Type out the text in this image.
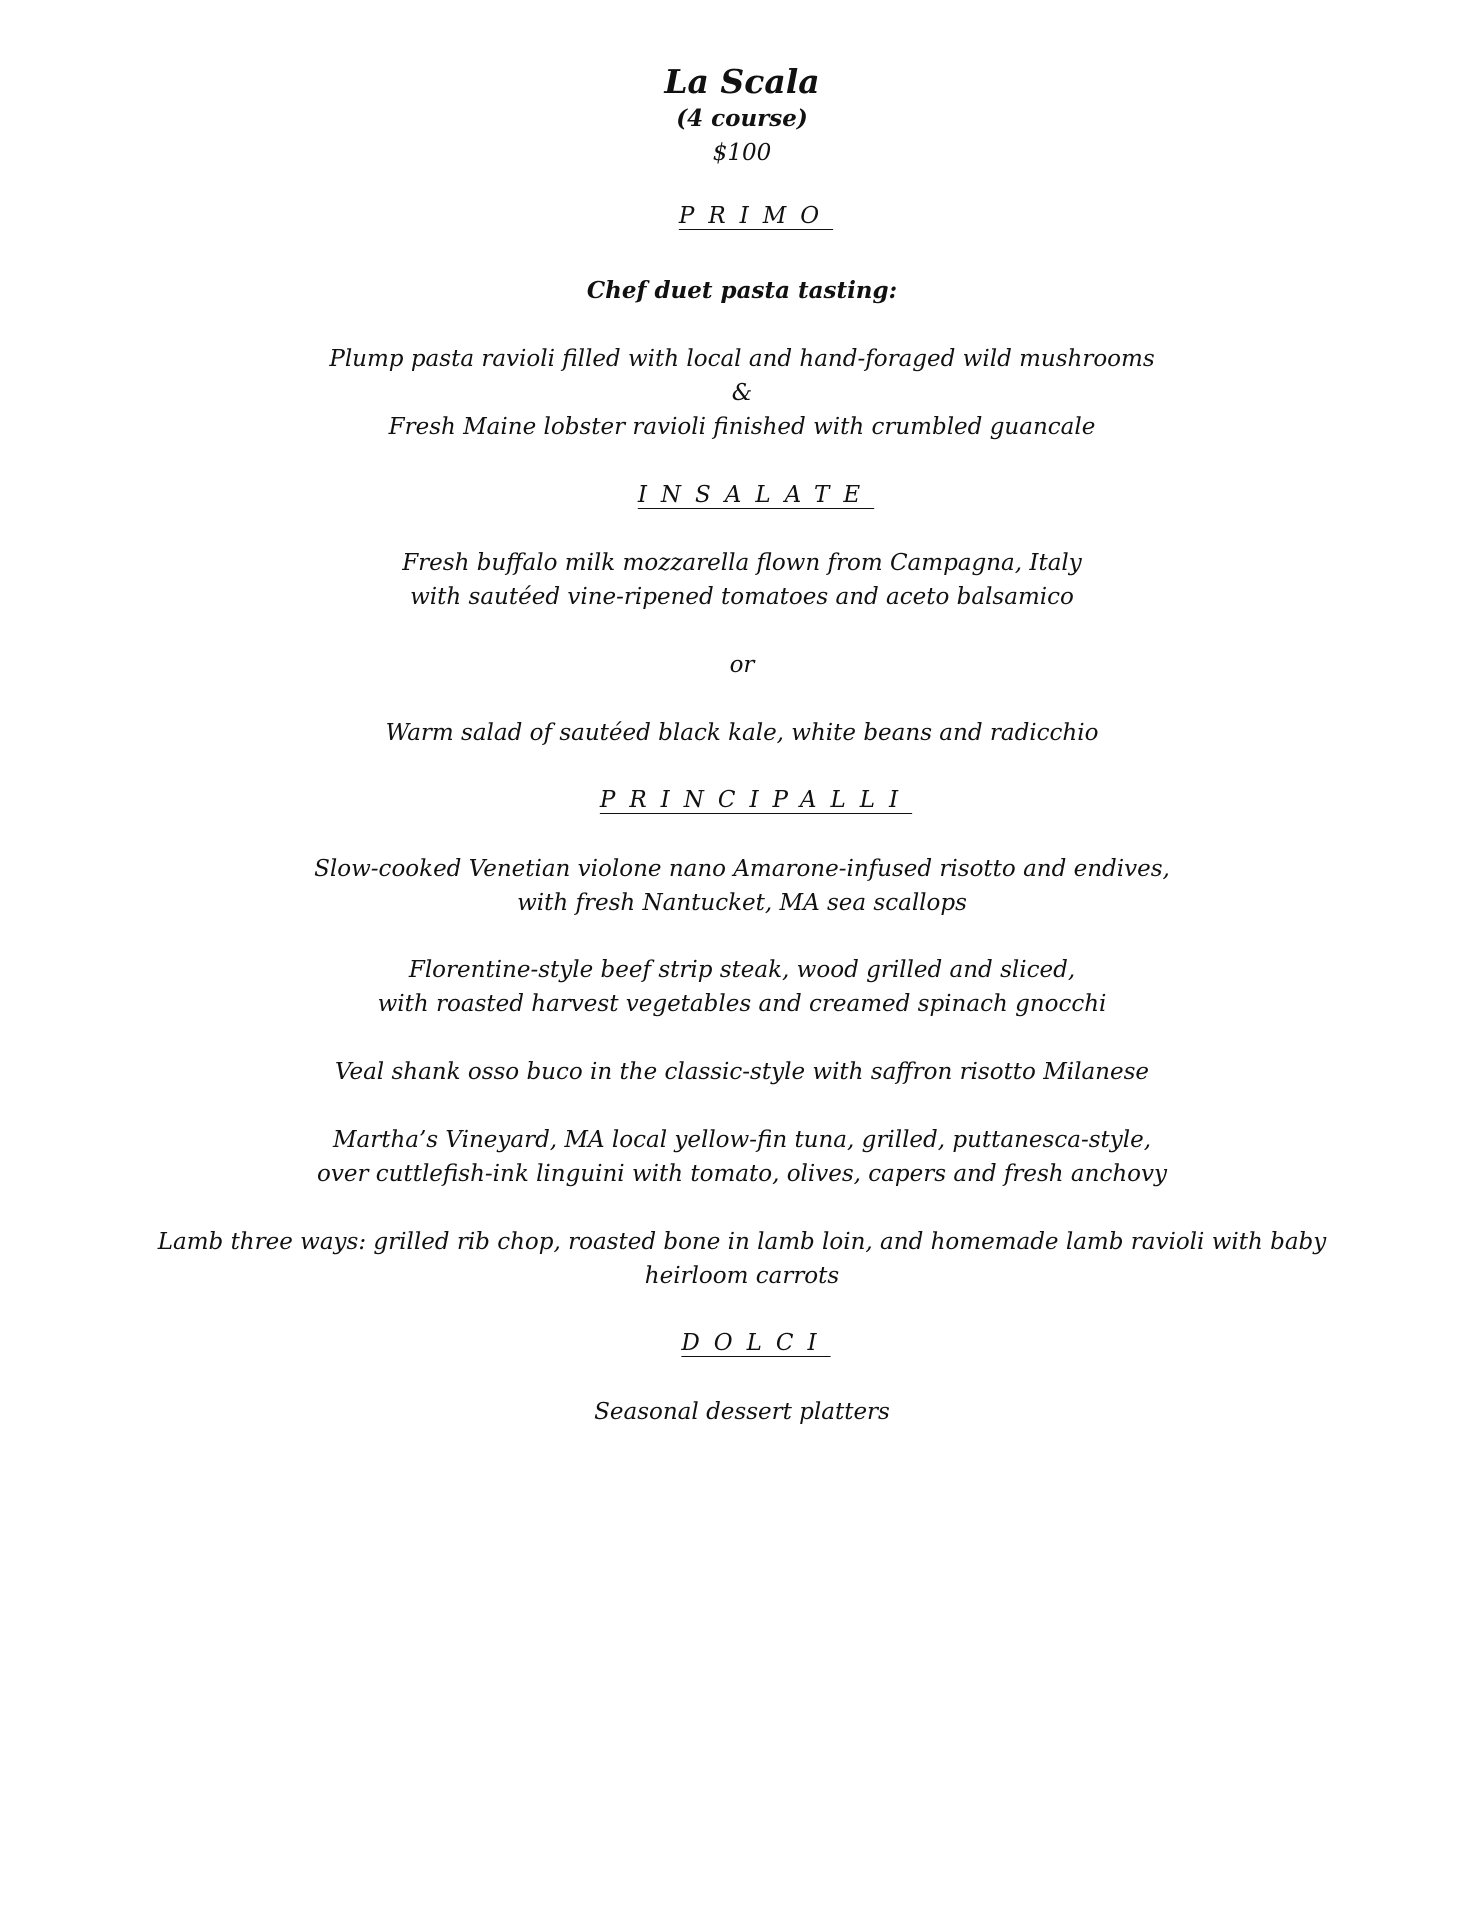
La Scala
(4 course)
$100
PRIMO
Chef duet pasta tasting:
Plump pasta ravioli filled with local and hand-foraged wild mushrooms
&
Fresh Maine lobster ravioli finished with crumbled guancale
INSALATE
Fresh buffalo milk mozzarella flown from Campagna, Italy
with sautéed vine-ripened tomatoes and aceto balsamico
or
Warm salad of sautéed black kale, white beans and radicchio
PRINCIPALLI
Slow-cooked Venetian violone nano Amarone-infused risotto and endives,
with fresh Nantucket, MA sea scallops
Florentine-style beef strip steak, wood grilled and sliced,
with roasted harvest vegetables and creamed spinach gnocchi
Veal shank osso buco in the classic-style with saffron risotto Milanese
Martha’s Vineyard, MA local yellow-fin tuna, grilled, puttanesca-style,
over cuttlefish-ink linguini with tomato, olives, capers and fresh anchovy
Lamb three ways: grilled rib chop, roasted bone in lamb loin, and homemade lamb ravioli with baby
heirloom carrots
DOLCI
Seasonal dessert platters
